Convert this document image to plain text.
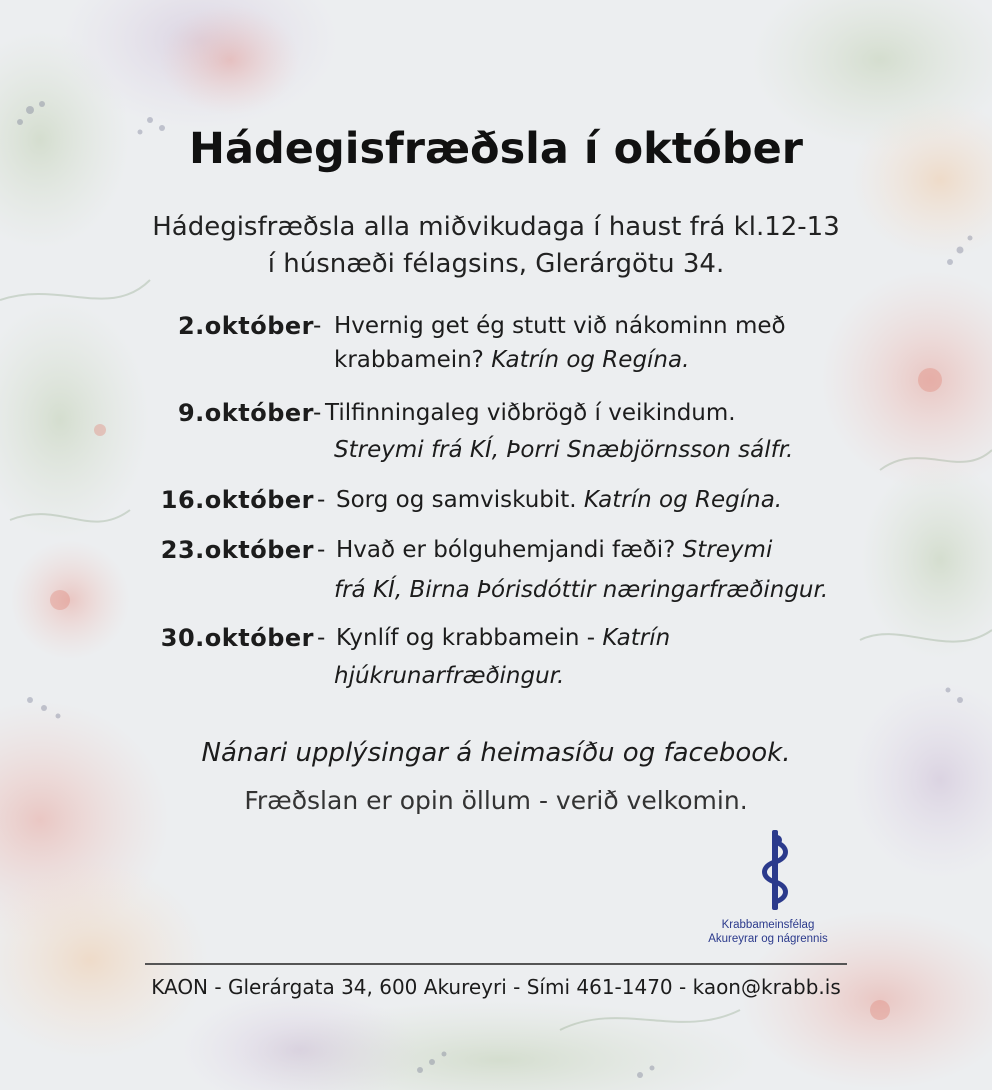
Hádegisfræðsla í október
Hádegisfræðsla alla miðvikudaga í haust frá kl.12-13
í húsnæði félagsins, Glerárgötu 34.
2.október - Hvernig get ég stutt við nákominn með
krabbamein? Katrín og Regína.
9.október - Tilfinningaleg viðbrögð í veikindum.
Streymi frá KÍ, Þorri Snæbjörnsson sálfr.
16.október - Sorg og samviskubit. Katrín og Regína.
23.október - Hvað er bólguhemjandi fæði? Streymi
frá KÍ, Birna Þórisdóttir næringarfræðingur.
30.október - Kynlíf og krabbamein - Katrín
hjúkrunarfræðingur.
Nánari upplýsingar á heimasíðu og facebook.
Fræðslan er opin öllum - verið velkomin.
Krabbameinsfélag
Akureyrar og nágrennis
KAON - Glerárgata 34, 600 Akureyri - Sími 461-1470 - kaon@krabb.is
